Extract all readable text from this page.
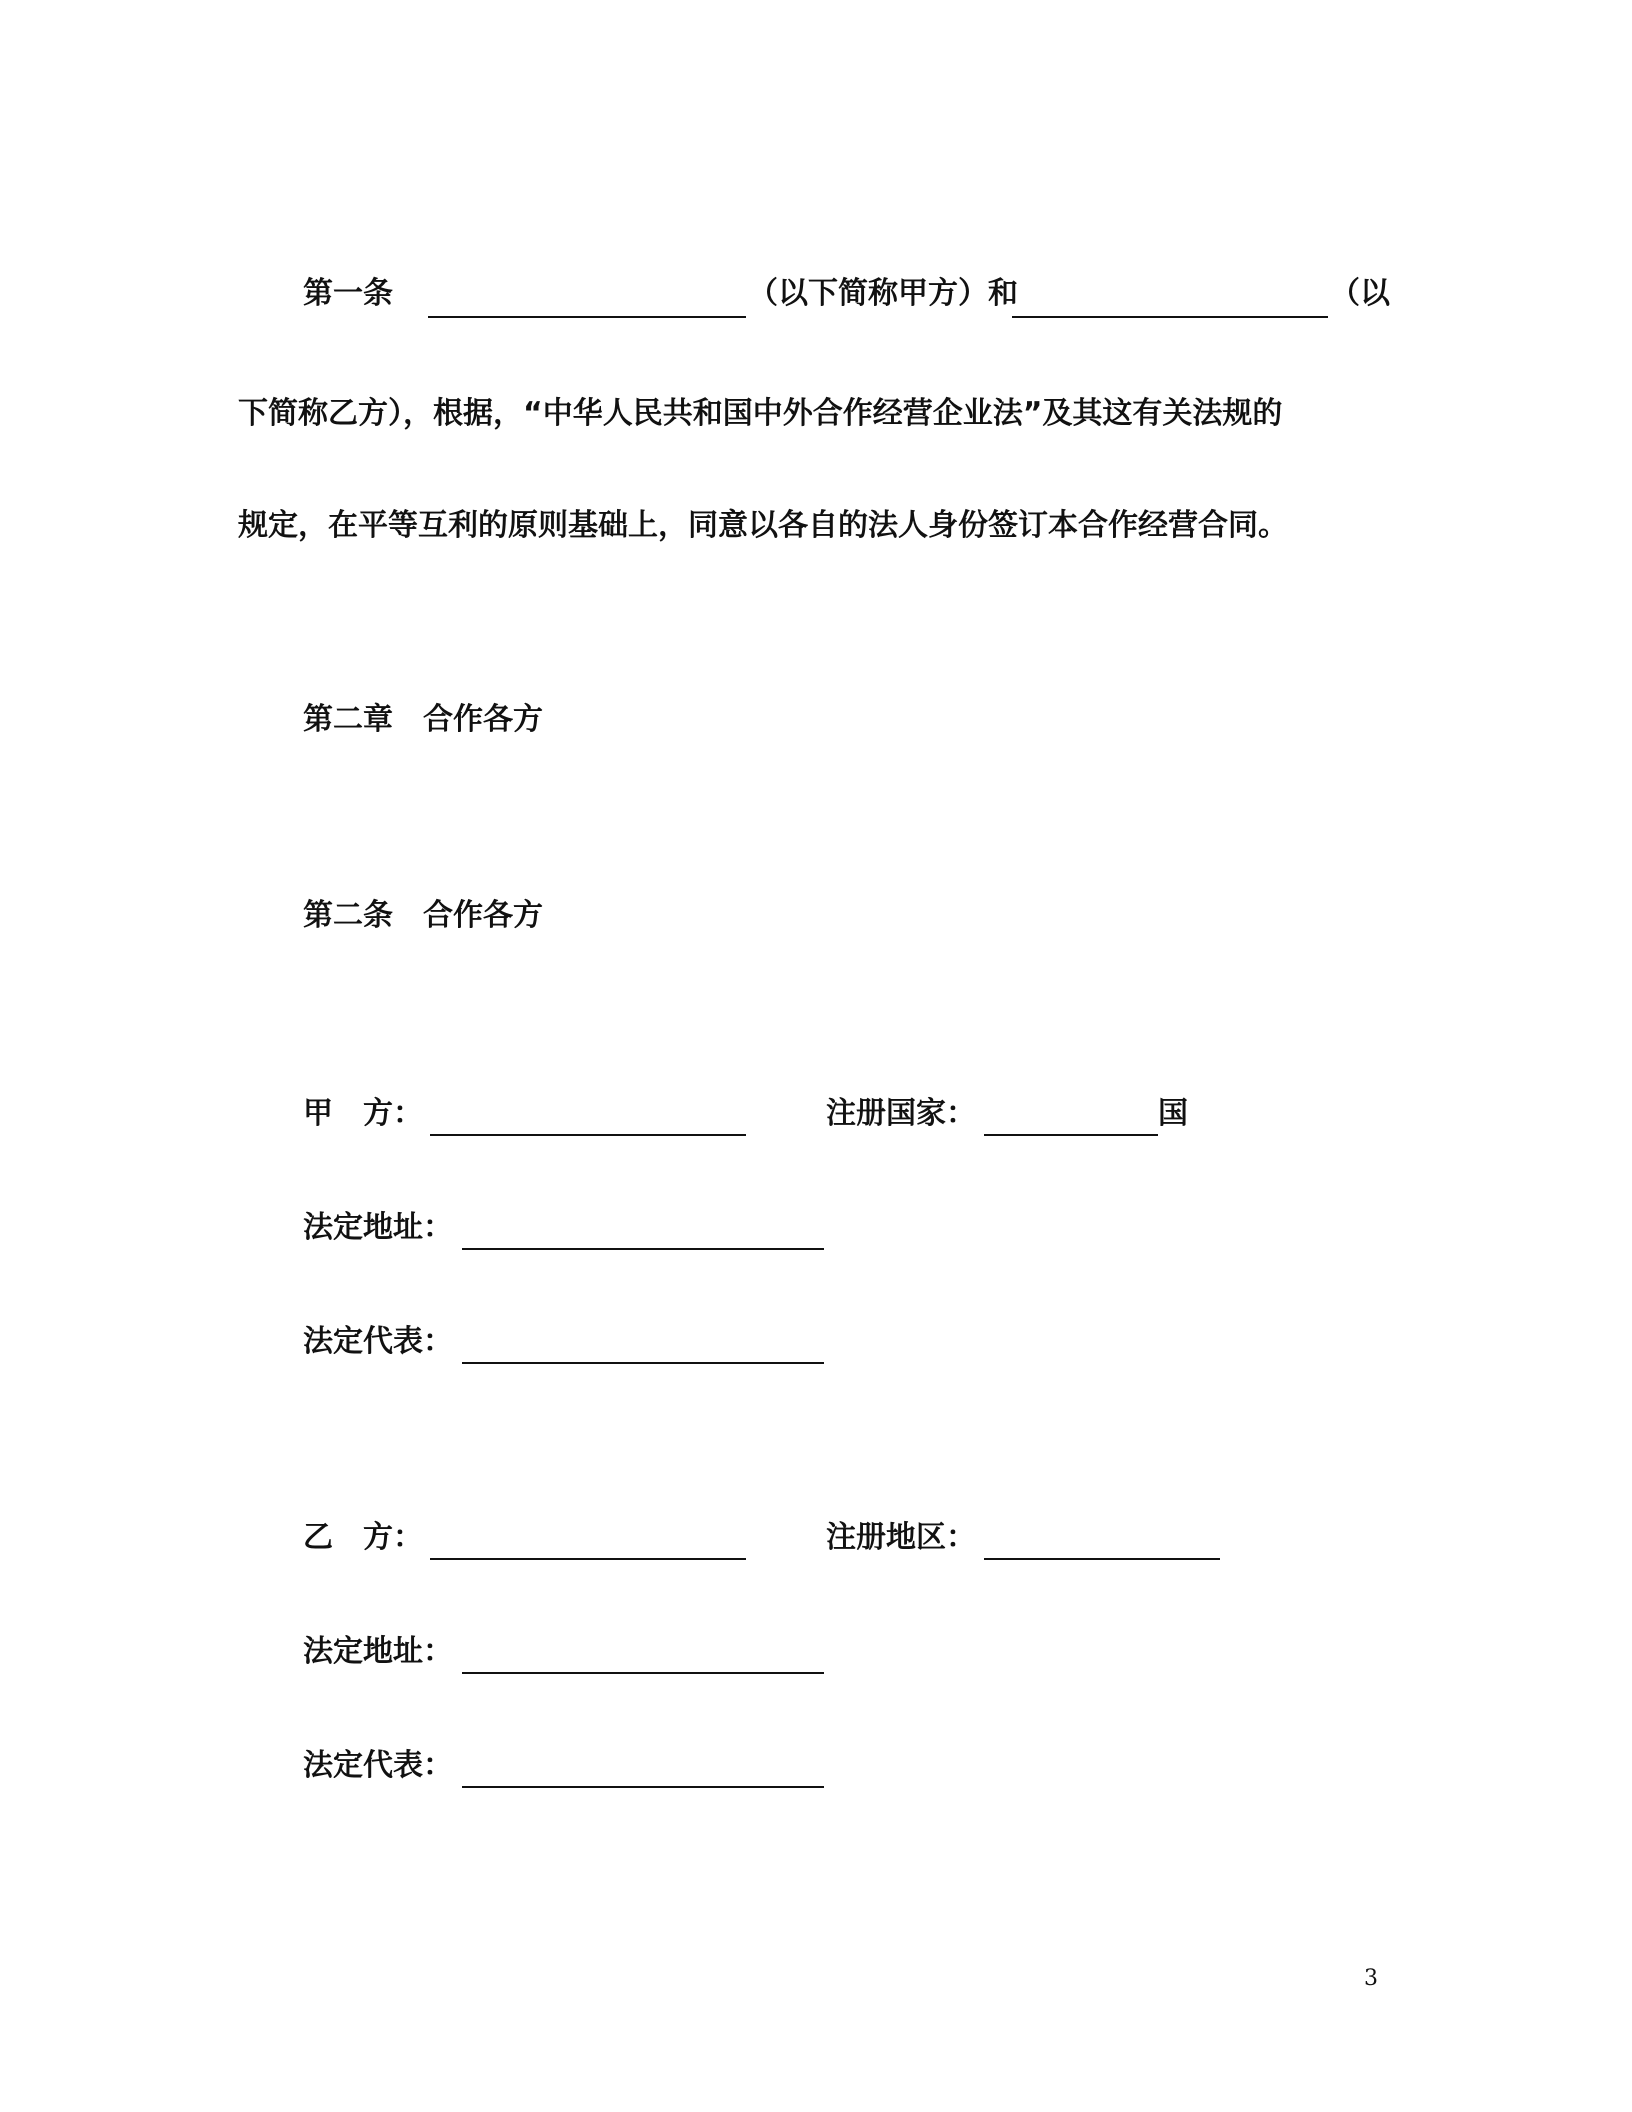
第一条	（以下简称甲方）和	（以
下简称乙方），根据，“中华人民共和国中外合作经营企业法”及其这有关法规的
规定，在平等互利的原则基础上，同意以各自的法人身份签订本合作经营合同。
第二章　合作各方
第二条　合作各方
甲　方：	注册国家：	国
法定地址：
法定代表：
乙　方：	注册地区：
法定地址：
法定代表：
3
